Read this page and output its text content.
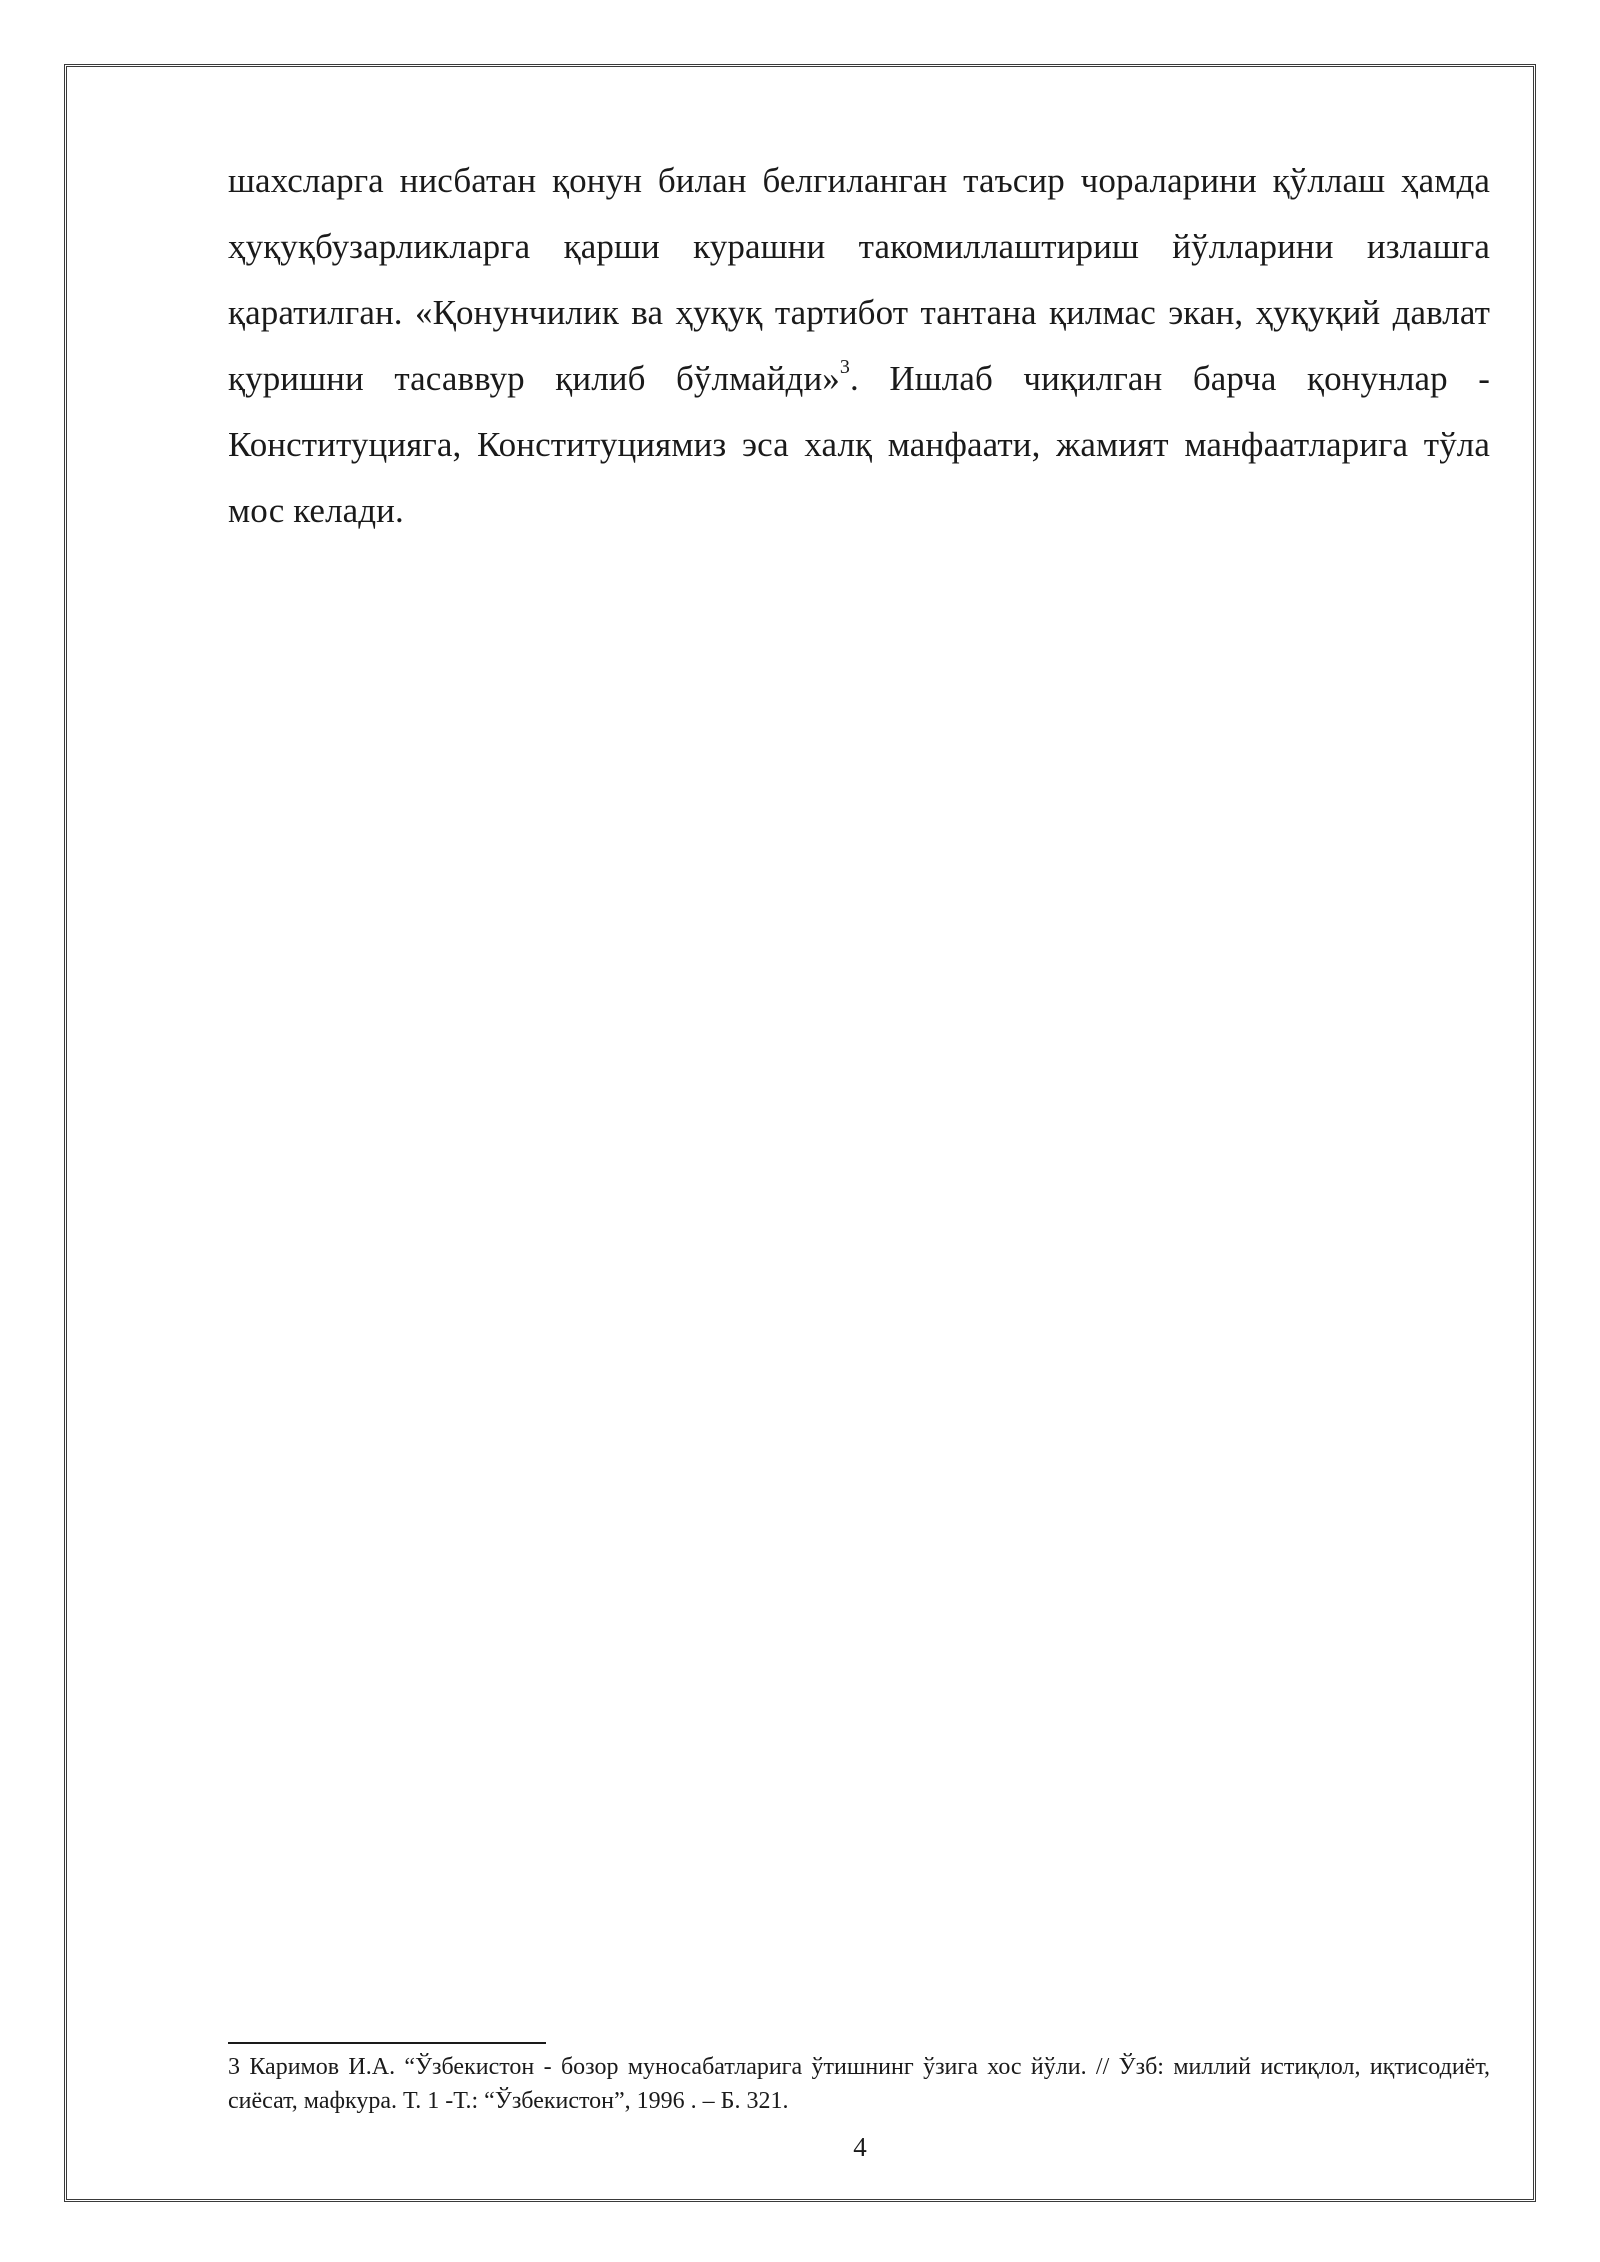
шахсларга нисбатан қонун билан белгиланган таъсир чораларини қўллаш ҳамда ҳуқуқбузарликларга қарши курашни такомиллаштириш йўлларини излашга қаратилган. «Қонунчилик ва ҳуқуқ тартибот тантана қилмас экан, ҳуқуқий давлат қуришни тасаввур қилиб бўлмайди»$^3$. Ишлаб чиқилган барча қонунлар - Конституцияга, Конституциямиз эса халқ манфаати, жамият манфаатларига тўла мос келади.

3 Каримов И.А. “Ўзбекистон - бозор муносабатларига ўтишнинг ўзига хос йўли. // Ўзб: миллий истиқлол, иқтисодиёт, сиёсат, мафкура. Т. 1 -Т.: “Ўзбекистон”, 1996 . – Б. 321.

4
